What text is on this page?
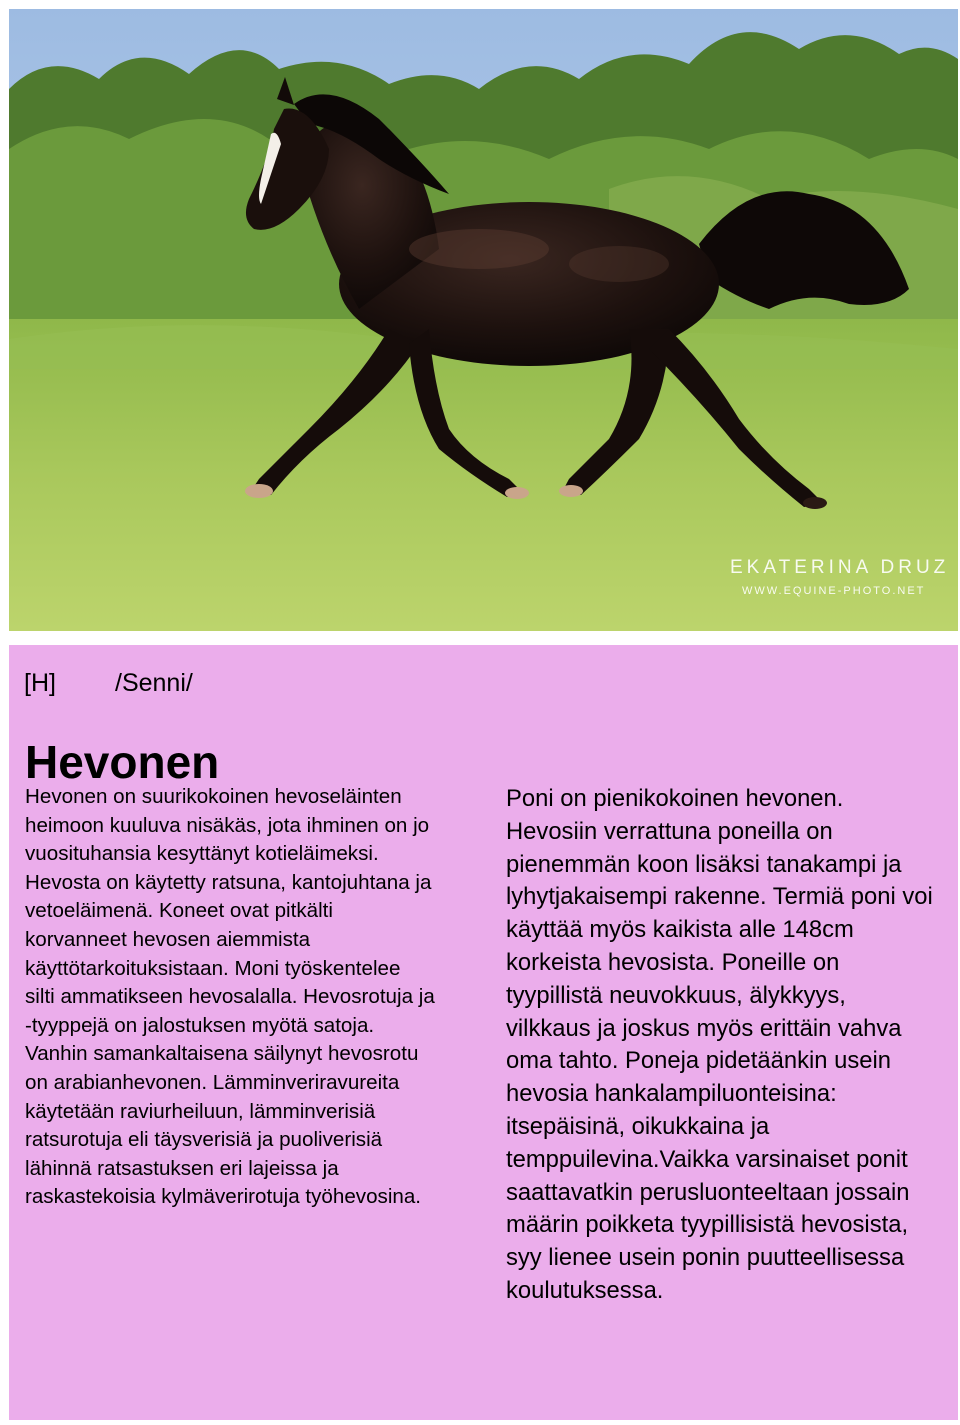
EKATERINA DRUZ
WWW.EQUINE-PHOTO.NET
[H] /Senni/
Hevonen
Hevonen on suurikokoinen hevoseläinten heimoon kuuluva nisäkäs, jota ihminen on jo vuosituhansia kesyttänyt kotieläimeksi. Hevosta on käytetty ratsuna, kantojuhtana ja vetoeläimenä. Koneet ovat pitkälti korvanneet hevosen aiemmista käyttötarkoituksistaan. Moni työskentelee silti ammatikseen hevosalalla. Hevosrotuja ja -tyyppejä on jalostuksen myötä satoja. Vanhin samankaltaisena säilynyt hevosrotu on arabianhevonen. Lämminveriravureita käytetään raviurheiluun, lämminverisiä ratsurotuja eli täysverisiä ja puoliverisiä lähinnä ratsastuksen eri lajeissa ja raskastekoisia kylmäverirotuja työhevosina.
Poni on pienikokoinen hevonen. Hevosiin verrattuna poneilla on pienemmän koon lisäksi tanakampi ja lyhytjakaisempi rakenne. Termiä poni voi käyttää myös kaikista alle 148cm korkeista hevosista. Poneille on tyypillistä neuvokkuus, älykkyys, vilkkaus ja joskus myös erittäin vahva oma tahto. Poneja pidetäänkin usein hevosia hankalampiluonteisina: itsepäisinä, oikukkaina ja temppuilevina.Vaikka varsinaiset ponit saattavatkin perusluonteeltaan jossain määrin poikketa tyypillisistä hevosista, syy lienee usein ponin puutteellisessa koulutuksessa.
